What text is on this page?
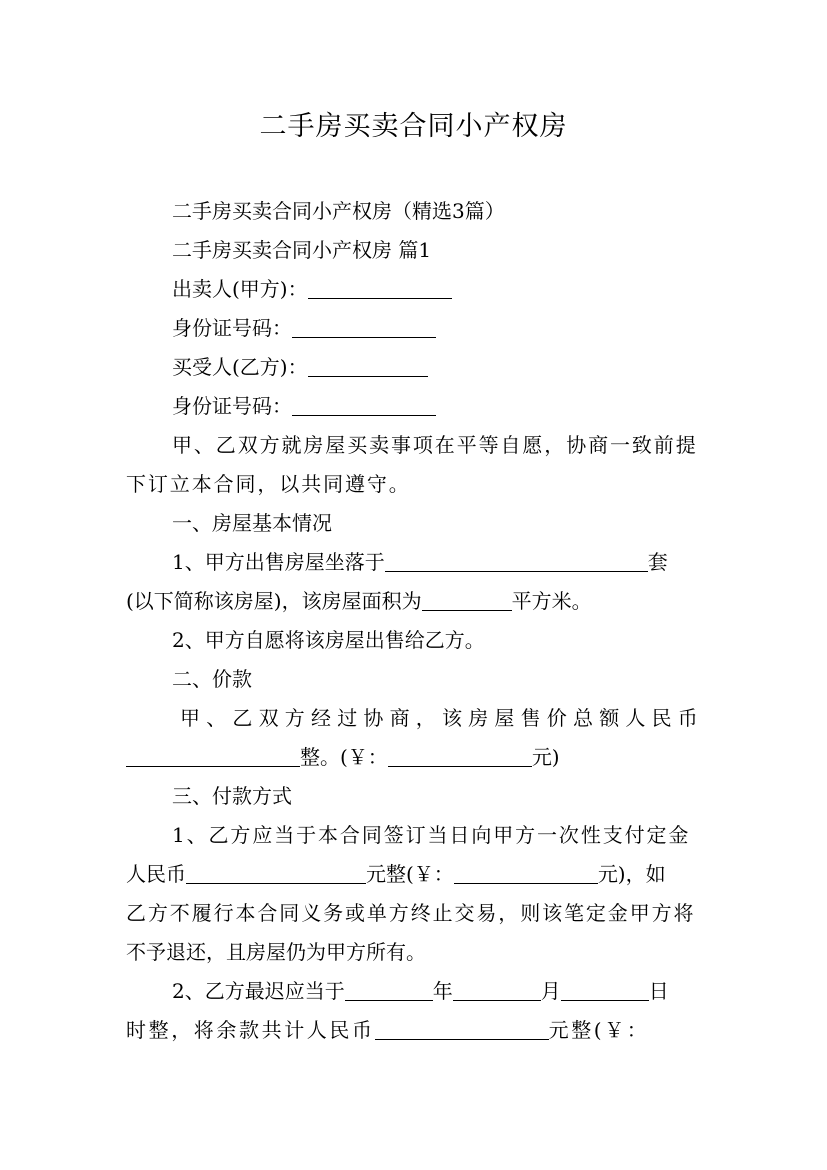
二手房买卖合同小产权房
二手房买卖合同小产权房（精选3篇）
二手房买卖合同小产权房 篇1
出卖人(甲方)：
身份证号码：
买受人(乙方)：
身份证号码：
甲、乙双方就房屋买卖事项在平等自愿，协商一致前提
下订立本合同，以共同遵守。
一、房屋基本情况
1、甲方出售房屋坐落于	套
(以下简称该房屋)，该房屋面积为	平方米。
2、甲方自愿将该房屋出售给乙方。
二、价款
甲、乙双方经过协商，该房屋售价总额人民币
整。(￥：	元)
三、付款方式
1、乙方应当于本合同签订当日向甲方一次性支付定金
人民币	元整(￥：	元)，如
乙方不履行本合同义务或单方终止交易，则该笔定金甲方将
不予退还，且房屋仍为甲方所有。
2、乙方最迟应当于	年	月	日
时整，将余款共计人民币	元整(￥：
